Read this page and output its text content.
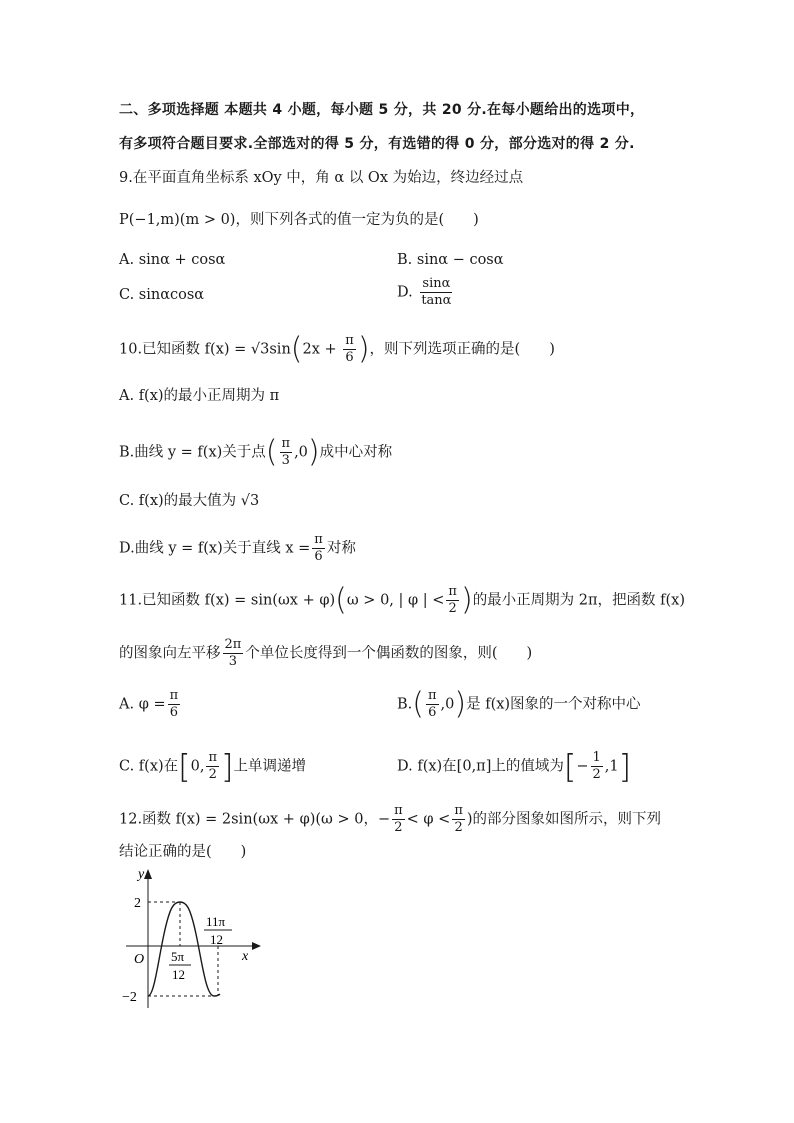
二、多项选择题 本题共 4 小题，每小题 5 分，共 20 分.在每小题给出的选项中，
有多项符合题目要求.全部选对的得 5 分，有选错的得 0 分，部分选对的得 2 分.
9.在平面直角坐标系 xOy 中，角 α 以 Ox 为始边，终边经过点
P(−1,m)(m > 0)，则下列各式的值一定为负的是(　　)
A. sinα + cosα	B. sinα − cosα
C. sinαcosα	D. $\frac{\sin\alpha}{\tan\alpha}$
10.已知函数 $f(x) = √3\sin(2x + \frac{\pi}{6}$ )，则下列选项正确的是(　　)
A. f(x)的最小正周期为 π
B.曲线 y = f(x)关于点( $\frac{\pi}{3} ,0$)成中心对称
C. f(x)的最大值为 √3
D.曲线 y = f(x)关于直线 $x = \frac{\pi}{6}$ 对称
11.已知函数 f(x) = sin(ωx + φ)(ω > 0, | φ | < $\frac{\pi}{2}$ )的最小正周期为 2π，把函数 f(x)
的图象向左平移 $\frac{2\pi}{3}$ 个单位长度得到一个偶函数的图象，则(　　)
A. $\varphi = \frac{\pi}{6}$	$B.( \frac{\pi}{6} ,0)$是 f(x)图象的一个对称中心
C. f(x)在[0, $\frac{\pi}{2}$ ]上单调递增	D. f(x)在[0,π]上的值域为[− $\frac{1}{2} ,1$]
12.函数 f(x) = 2sin(ωx + φ)(ω > 0，− $\frac{\pi}{2} < \varphi < \frac{\pi}{2}$ )的部分图象如图所示，则下列
结论正确的是(　　)
y
x
O
2
−2
5π
12
11π
12
